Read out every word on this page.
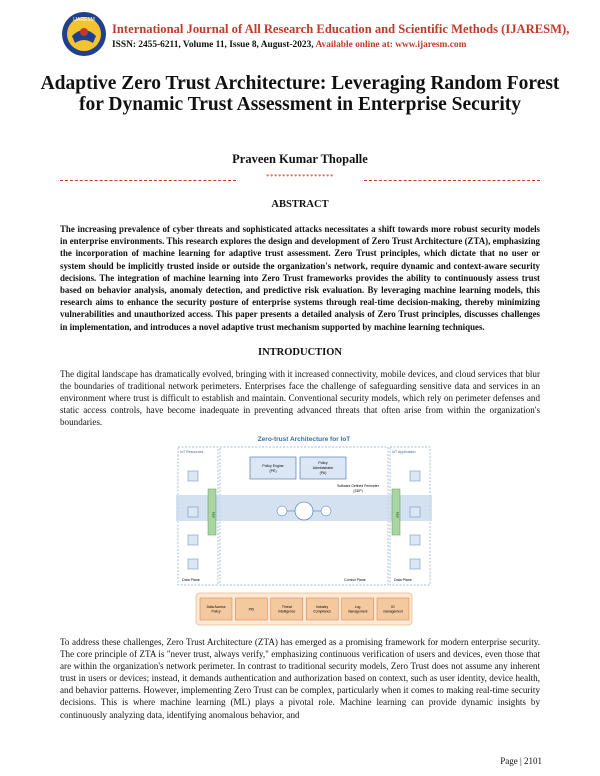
IJARESM
International Journal of All Research Education and Scientific Methods (IJARESM),
ISSN: 2455-6211, Volume 11, Issue 8, August-2023, Available online at: www.ijaresm.com
Adaptive Zero Trust Architecture: Leveraging Random Forest for Dynamic Trust Assessment in Enterprise Security
Praveen Kumar Thopalle
*****************
ABSTRACT
The increasing prevalence of cyber threats and sophisticated attacks necessitates a shift towards more robust security models in enterprise environments. This research explores the design and development of Zero Trust Architecture (ZTA), emphasizing the incorporation of machine learning for adaptive trust assessment. Zero Trust principles, which dictate that no user or system should be implicitly trusted inside or outside the organization's network, require dynamic and context-aware security decisions. The integration of machine learning into Zero Trust frameworks provides the ability to continuously assess trust based on behavior analysis, anomaly detection, and predictive risk evaluation. By leveraging machine learning models, this research aims to enhance the security posture of enterprise systems through real-time decision-making, thereby minimizing vulnerabilities and unauthorized access. This paper presents a detailed analysis of Zero Trust principles, discusses challenges in implementation, and introduces a novel adaptive trust mechanism supported by machine learning techniques.
INTRODUCTION
The digital landscape has dramatically evolved, bringing with it increased connectivity, mobile devices, and cloud services that blur the boundaries of traditional network perimeters. Enterprises face the challenge of safeguarding sensitive data and services in an environment where trust is difficult to establish and maintain. Conventional security models, which rely on perimeter defenses and static access controls, have become inadequate in preventing advanced threats that often arise from within the organization's boundaries.
Zero-trust Architecture for IoT
IoT Resources	IoT Application
Policy Engine
(PE)
Policy
Administrator
(PA)
Software Defined Perimeter
(SDP)
PEP	PEP
Data Plane	Data Plane
Control Plane
Data Access
Policy
PKI
Threat
Intelligence
Industry
Compliance
Log
management
ID
management
To address these challenges, Zero Trust Architecture (ZTA) has emerged as a promising framework for modern enterprise security. The core principle of ZTA is "never trust, always verify," emphasizing continuous verification of users and devices, even those that are within the organization's network perimeter. In contrast to traditional security models, Zero Trust does not assume any inherent trust in users or devices; instead, it demands authentication and authorization based on context, such as user identity, device health, and behavior patterns. However, implementing Zero Trust can be complex, particularly when it comes to making real-time security decisions. This is where machine learning (ML) plays a pivotal role. Machine learning can provide dynamic insights by continuously analyzing data, identifying anomalous behavior, and
Page | 2101
